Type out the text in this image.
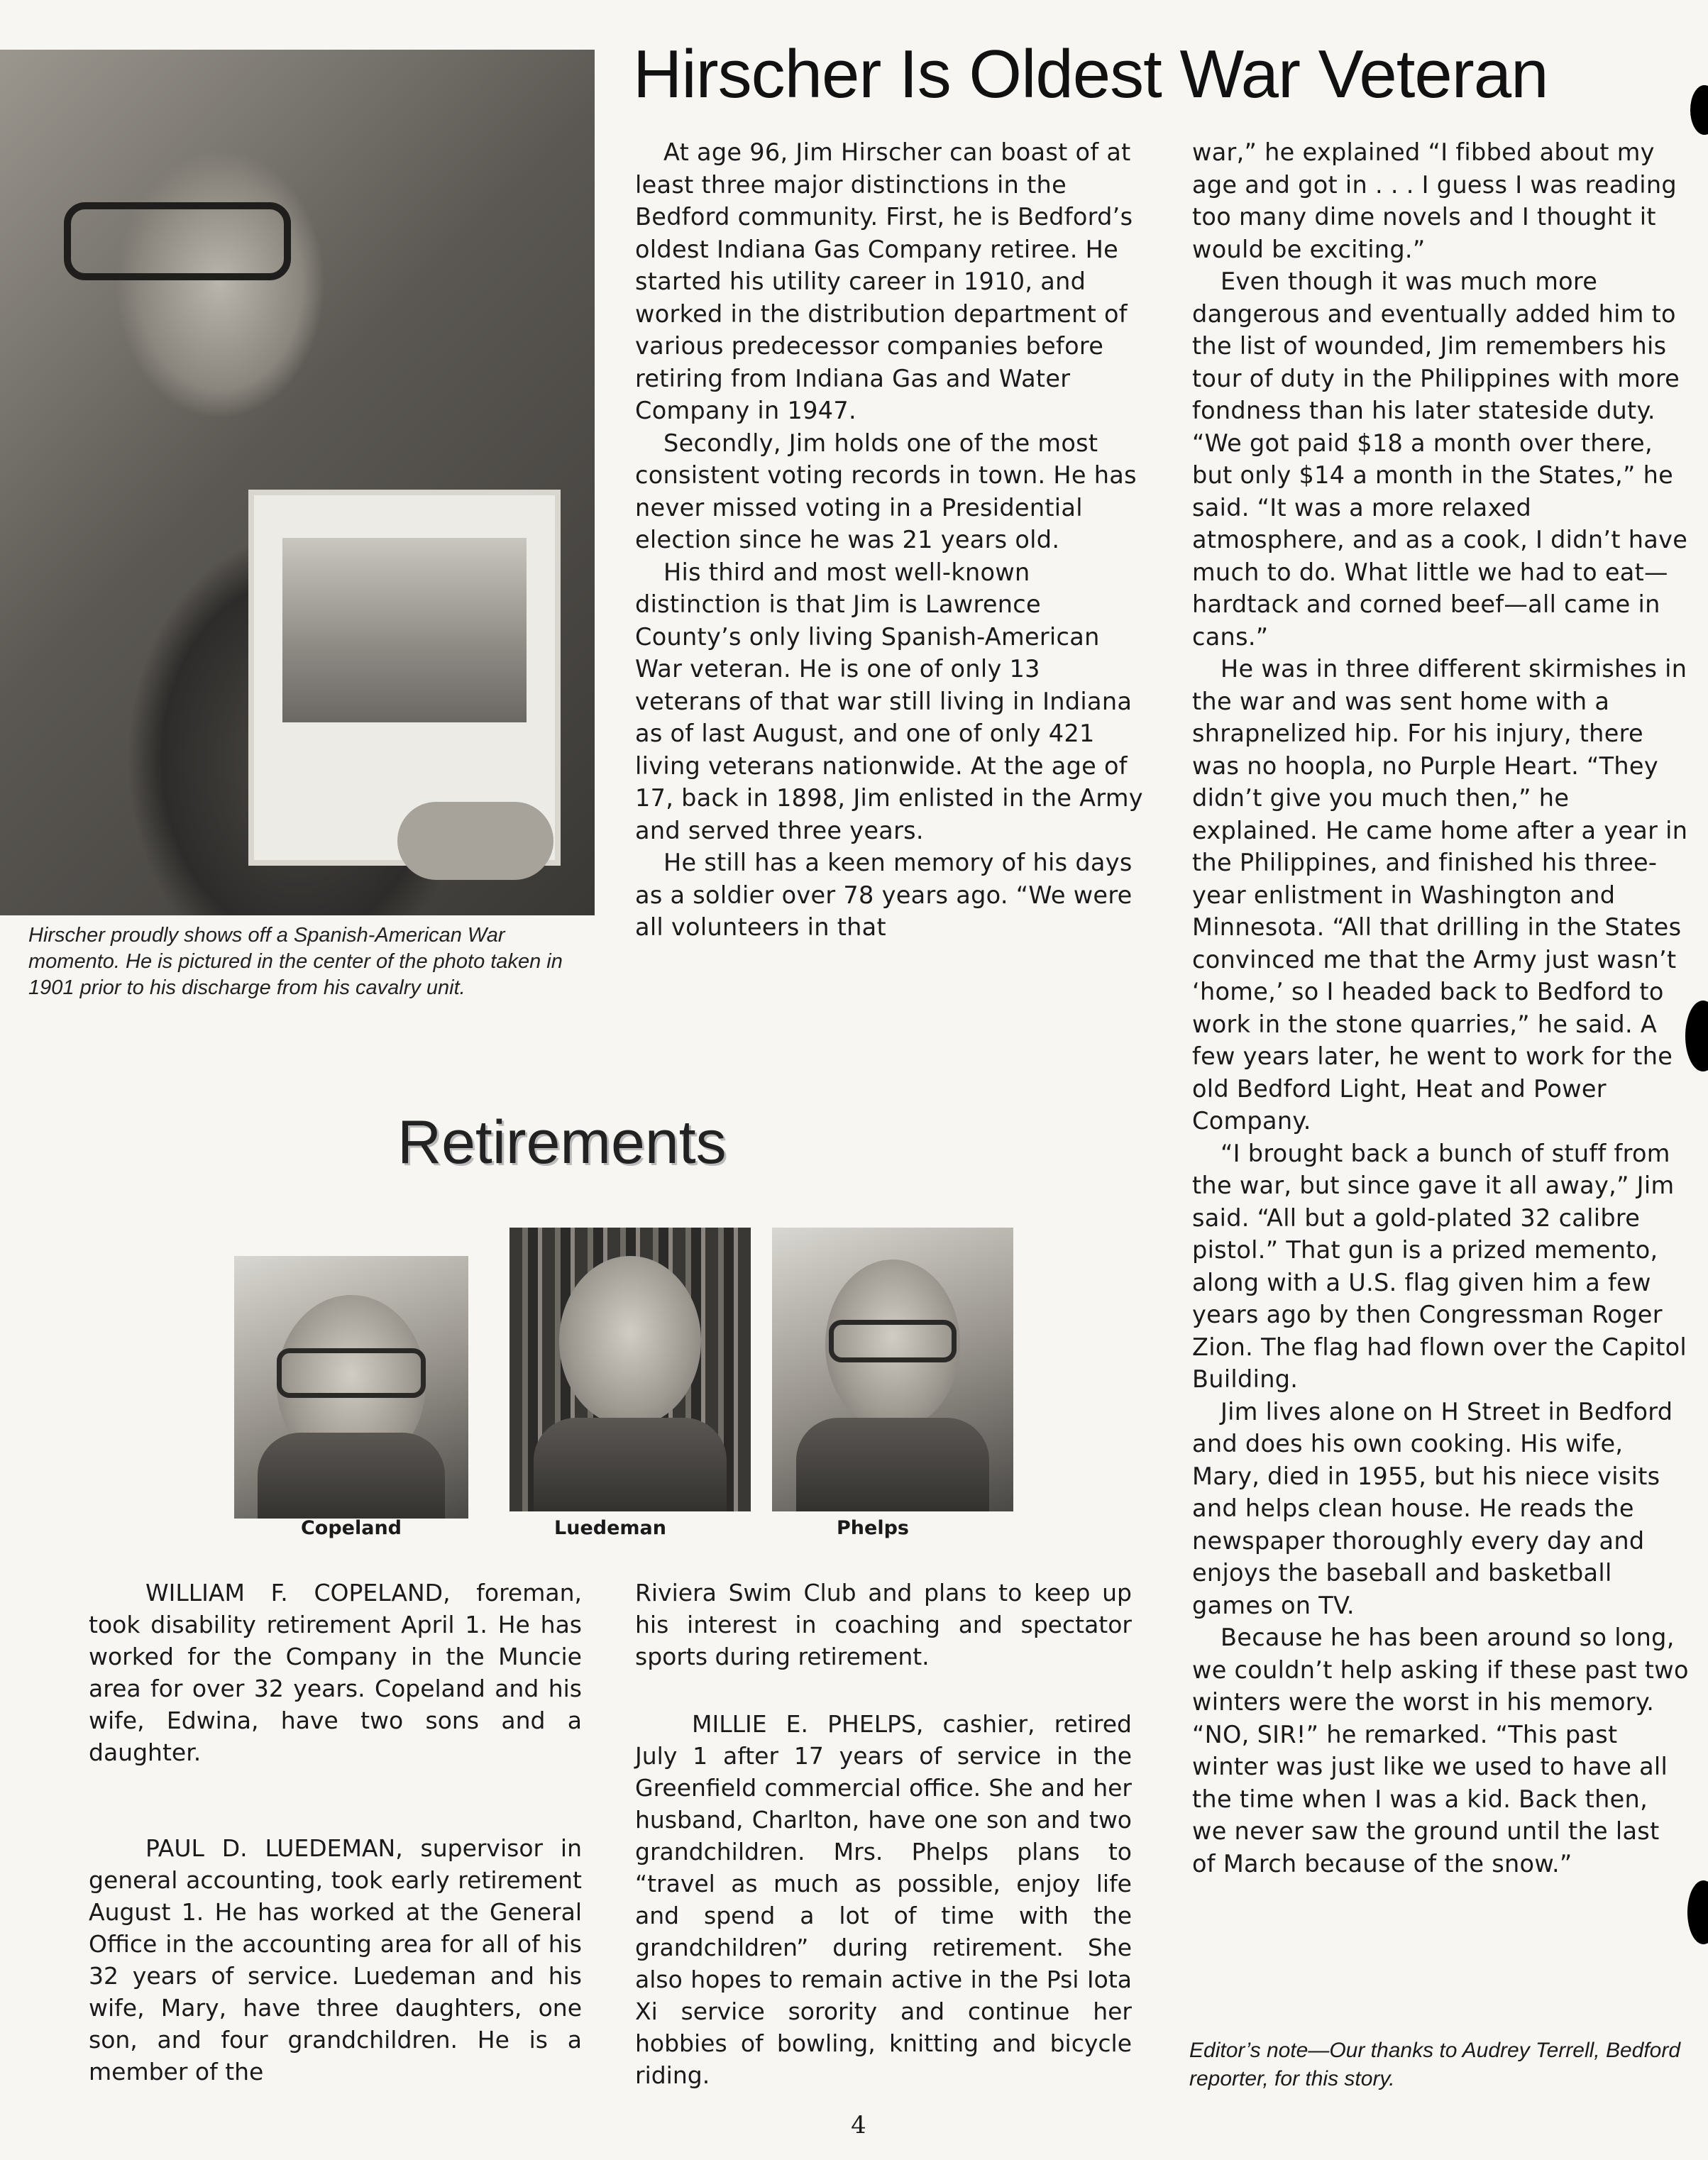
Hirscher proudly shows off a Spanish-American War momento. He is pictured in the center of the photo taken in 1901 prior to his discharge from his cavalry unit.
Hirscher Is Oldest War Veteran

At age 96, Jim Hirscher can boast of at least three major distinctions in the Bedford community. First, he is Bedford’s oldest Indiana Gas Company retiree. He started his utility career in 1910, and worked in the distribution department of various predecessor companies before retiring from Indiana Gas and Water Company in 1947.

Secondly, Jim holds one of the most consistent voting records in town. He has never missed voting in a Presidential election since he was 21 years old.

His third and most well-known distinction is that Jim is Lawrence County’s only living Spanish-American War veteran. He is one of only 13 veterans of that war still living in Indiana as of last August, and one of only 421 living veterans nationwide. At the age of 17, back in 1898, Jim enlisted in the Army and served three years.

He still has a keen memory of his days as a soldier over 78 years ago. “We were all volunteers in that

war,” he explained “I fibbed about my age and got in . . . I guess I was reading too many dime novels and I thought it would be exciting.”

Even though it was much more dangerous and eventually added him to the list of wounded, Jim remembers his tour of duty in the Philippines with more fondness than his later stateside duty. “We got paid $18 a month over there, but only $14 a month in the States,” he said. “It was a more relaxed atmosphere, and as a cook, I didn’t have much to do. What little we had to eat—hardtack and corned beef—all came in cans.”

He was in three different skirmishes in the war and was sent home with a shrapnelized hip. For his injury, there was no hoopla, no Purple Heart. “They didn’t give you much then,” he explained. He came home after a year in the Philippines, and finished his three-year enlistment in Washington and Minnesota. “All that drilling in the States convinced me that the Army just wasn’t ‘home,’ so I headed back to Bedford to work in the stone quarries,” he said. A few years later, he went to work for the old Bedford Light, Heat and Power Company.

“I brought back a bunch of stuff from the war, but since gave it all away,” Jim said. “All but a gold-plated 32 calibre pistol.” That gun is a prized memento, along with a U.S. flag given him a few years ago by then Congressman Roger Zion. The flag had flown over the Capitol Building.

Jim lives alone on H Street in Bedford and does his own cooking. His wife, Mary, died in 1955, but his niece visits and helps clean house. He reads the newspaper thoroughly every day and enjoys the baseball and basketball games on TV.

Because he has been around so long, we couldn’t help asking if these past two winters were the worst in his memory. “NO, SIR!” he remarked. “This past winter was just like we used to have all the time when I was a kid. Back then, we never saw the ground until the last of March because of the snow.”

Editor’s note—Our thanks to Audrey Terrell, Bedford reporter, for this story.
Retirements
Copeland	Luedeman	Phelps

WILLIAM F. COPELAND, foreman, took disability retirement April 1. He has worked for the Company in the Muncie area for over 32 years. Copeland and his wife, Edwina, have two sons and a daughter.

PAUL D. LUEDEMAN, supervisor in general accounting, took early retirement August 1. He has worked at the General Office in the accounting area for all of his 32 years of service. Luedeman and his wife, Mary, have three daughters, one son, and four grandchildren. He is a member of the

Riviera Swim Club and plans to keep up his interest in coaching and spectator sports during retirement.

MILLIE E. PHELPS, cashier, retired July 1 after 17 years of service in the Greenfield commercial office. She and her husband, Charlton, have one son and two grandchildren. Mrs. Phelps plans to “travel as much as possible, enjoy life and spend a lot of time with the grandchildren” during retirement. She also hopes to remain active in the Psi Iota Xi service sorority and continue her hobbies of bowling, knitting and bicycle riding.

4
